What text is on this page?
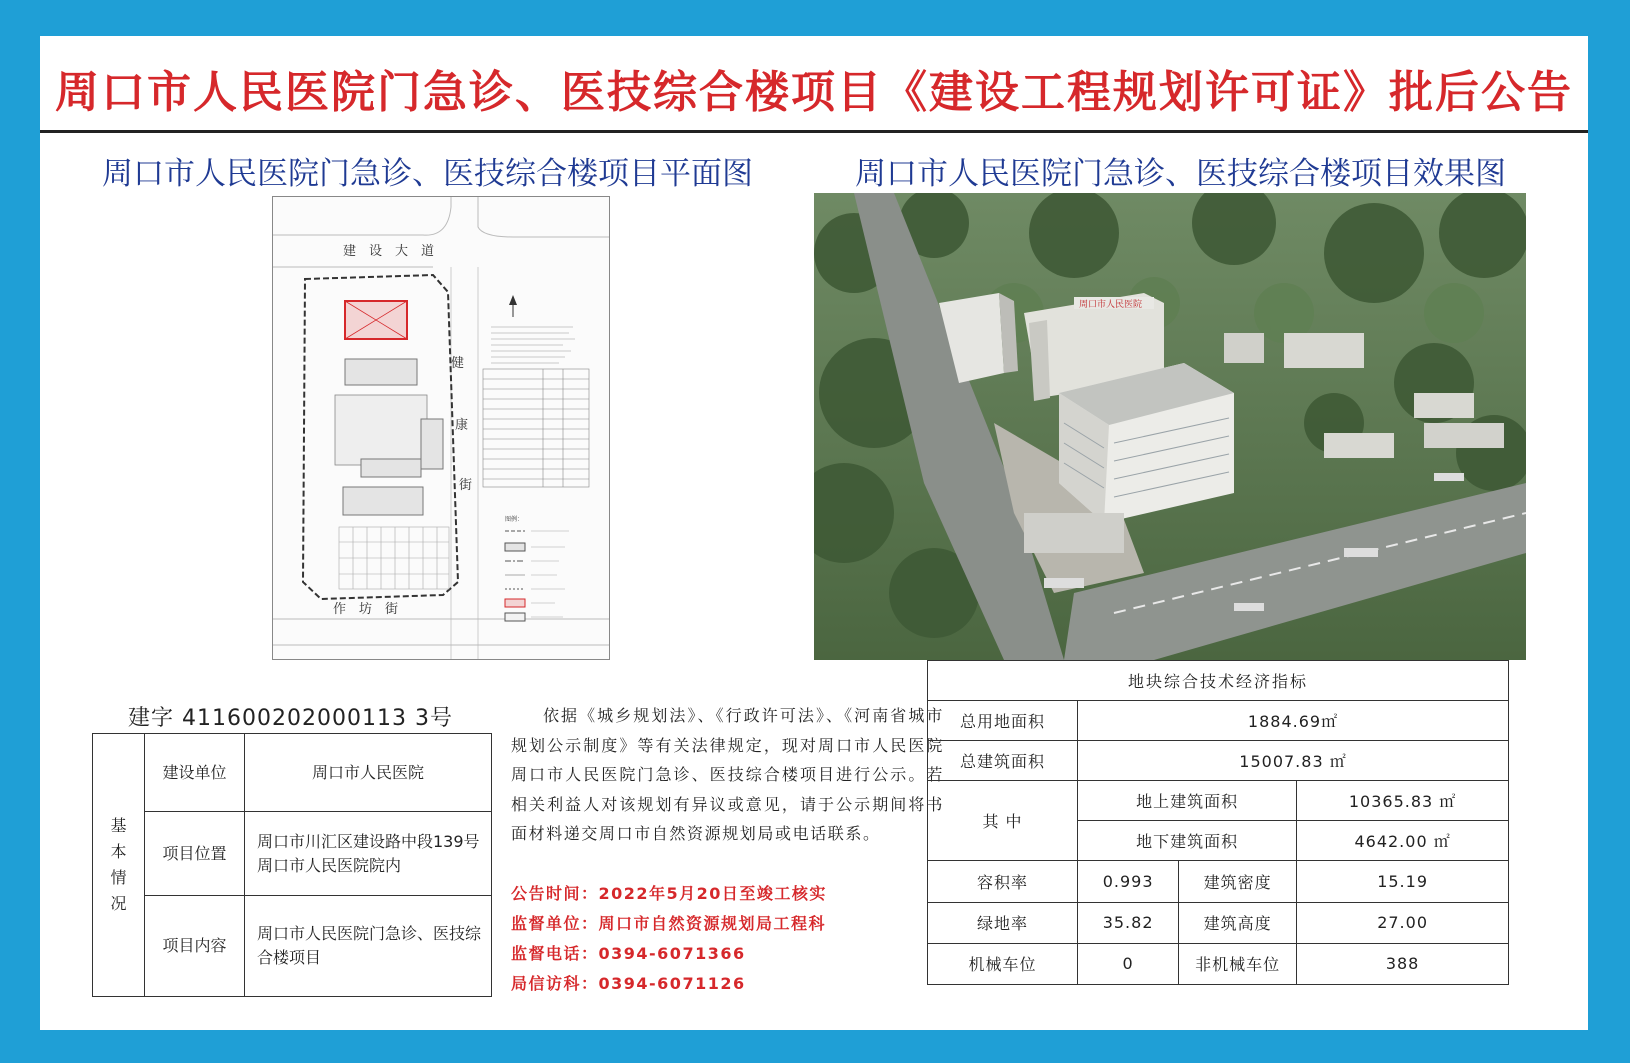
周口市人民医院门急诊、医技综合楼项目《建设工程规划许可证》批后公告
周口市人民医院门急诊、医技综合楼项目平面图	周口市人民医院门急诊、医技综合楼项目效果图
建　设　大　道
健
康
街
作　坊　街
图例：
周口市人民医院
建字 411600202000113 3号
基
本
情
况	建设单位	周口市人民医院
	项目位置	周口市川汇区建设路中段139号周口市人民医院院内
	项目内容	周口市人民医院门急诊、医技综合楼项目
依据《城乡规划法》、《行政许可法》、《河南省城市规划公示制度》等有关法律规定，现对周口市人民医院周口市人民医院门急诊、医技综合楼项目进行公示。若相关利益人对该规划有异议或意见，请于公示期间将书面材料递交周口市自然资源规划局或电话联系。
公告时间：2022年5月20日至竣工核实
监督单位：周口市自然资源规划局工程科
监督电话：0394-6071366
局信访科：0394-6071126
地块综合技术经济指标			
总用地面积	1884.69㎡		
总建筑面积	15007.83 ㎡		
其 中	地上建筑面积		10365.83 ㎡
	地下建筑面积		4642.00 ㎡
容积率	0.993	建筑密度	15.19
绿地率	35.82	建筑高度	27.00
机械车位	0	非机械车位	388
